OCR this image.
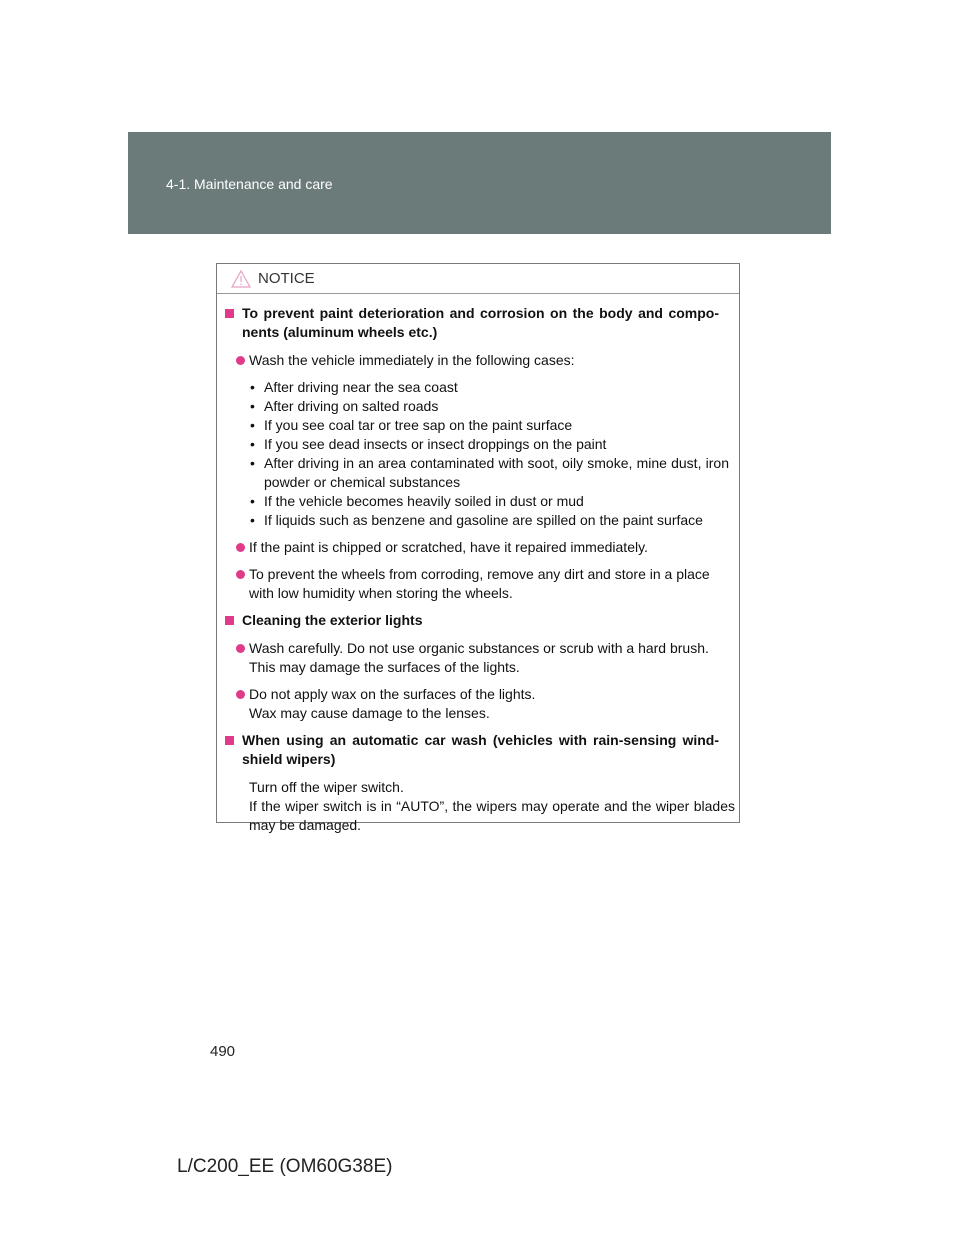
4-1. Maintenance and care
NOTICE
To prevent paint deterioration and corrosion on the body and compo-nents (aluminum wheels etc.)
Wash the vehicle immediately in the following cases:
• After driving near the sea coast
• After driving on salted roads
• If you see coal tar or tree sap on the paint surface
• If you see dead insects or insect droppings on the paint
• After driving in an area contaminated with soot, oily smoke, mine dust, iron powder or chemical substances
• If the vehicle becomes heavily soiled in dust or mud
• If liquids such as benzene and gasoline are spilled on the paint surface
If the paint is chipped or scratched, have it repaired immediately.
To prevent the wheels from corroding, remove any dirt and store in a place with low humidity when storing the wheels.
Cleaning the exterior lights
Wash carefully. Do not use organic substances or scrub with a hard brush.
This may damage the surfaces of the lights.
Do not apply wax on the surfaces of the lights.
Wax may cause damage to the lenses.
When using an automatic car wash (vehicles with rain-sensing wind-shield wipers)
Turn off the wiper switch.
If the wiper switch is in “AUTO”, the wipers may operate and the wiper blades may be damaged.
490
L/C200_EE (OM60G38E)
